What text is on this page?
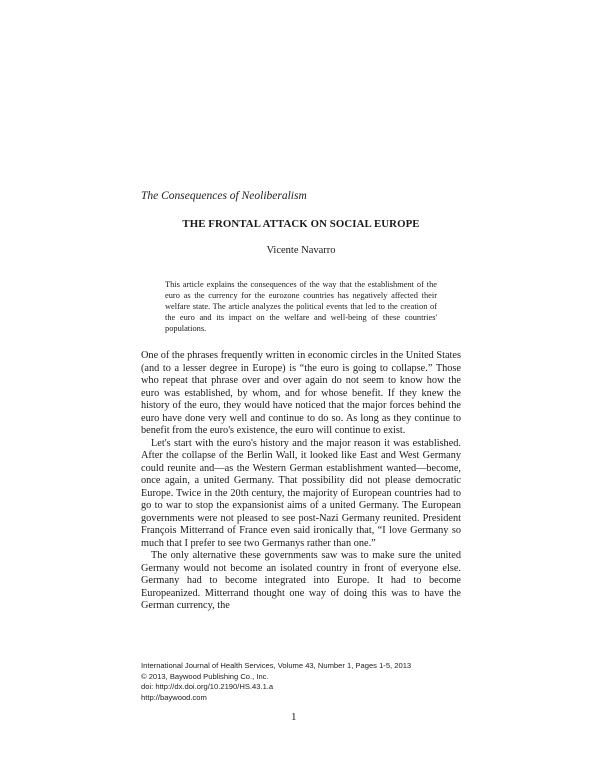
The Consequences of Neoliberalism
THE FRONTAL ATTACK ON SOCIAL EUROPE
Vicente Navarro
This article explains the consequences of the way that the establishment of the euro as the currency for the eurozone countries has negatively affected their welfare state. The article analyzes the political events that led to the creation of the euro and its impact on the welfare and well-being of these countries' populations.

One of the phrases frequently written in economic circles in the United States (and to a lesser degree in Europe) is “the euro is going to collapse.” Those who repeat that phrase over and over again do not seem to know how the euro was established, by whom, and for whose benefit. If they knew the history of the euro, they would have noticed that the major forces behind the euro have done very well and continue to do so. As long as they continue to benefit from the euro's existence, the euro will continue to exist.

Let's start with the euro's history and the major reason it was established. After the collapse of the Berlin Wall, it looked like East and West Germany could reunite and—as the Western German establishment wanted—become, once again, a united Germany. That possibility did not please democratic Europe. Twice in the 20th century, the majority of European countries had to go to war to stop the expansionist aims of a united Germany. The European governments were not pleased to see post-Nazi Germany reunited. President François Mitterrand of France even said ironically that, “I love Germany so much that I prefer to see two Germanys rather than one.”

The only alternative these governments saw was to make sure the united Germany would not become an isolated country in front of everyone else. Germany had to become integrated into Europe. It had to become Europeanized. Mitterrand thought one way of doing this was to have the German currency, the

International Journal of Health Services, Volume 43, Number 1, Pages 1-5, 2013
© 2013, Baywood Publishing Co., Inc.
doi: http://dx.doi.org/10.2190/HS.43.1.a
http://baywood.com
1
